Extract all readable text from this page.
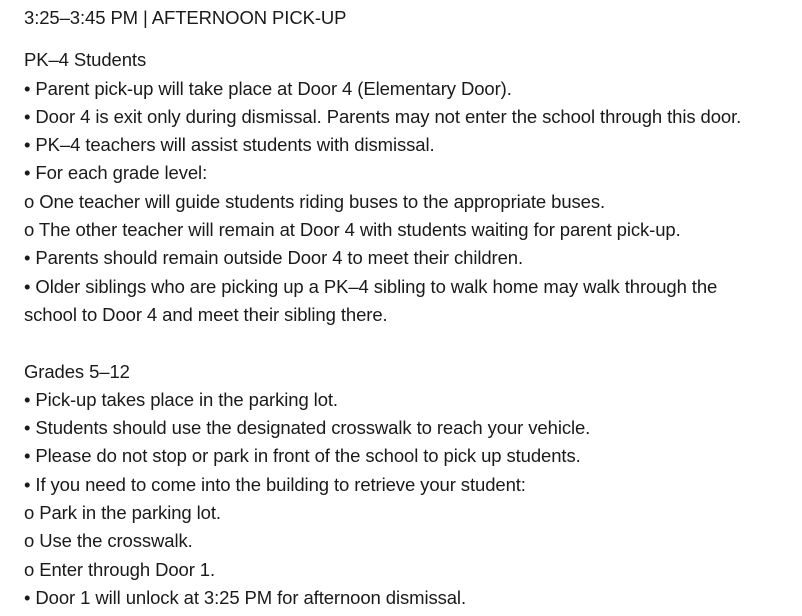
3:25–3:45 PM | AFTERNOON PICK-UP
PK–4 Students
• Parent pick-up will take place at Door 4 (Elementary Door).
• Door 4 is exit only during dismissal. Parents may not enter the school through this door.
• PK–4 teachers will assist students with dismissal.
• For each grade level:
o One teacher will guide students riding buses to the appropriate buses.
o The other teacher will remain at Door 4 with students waiting for parent pick-up.
• Parents should remain outside Door 4 to meet their children.
• Older siblings who are picking up a PK–4 sibling to walk home may walk through the school to Door 4 and meet their sibling there.
Grades 5–12
• Pick-up takes place in the parking lot.
• Students should use the designated crosswalk to reach your vehicle.
• Please do not stop or park in front of the school to pick up students.
• If you need to come into the building to retrieve your student:
o Park in the parking lot.
o Use the crosswalk.
o Enter through Door 1.
• Door 1 will unlock at 3:25 PM for afternoon dismissal.
